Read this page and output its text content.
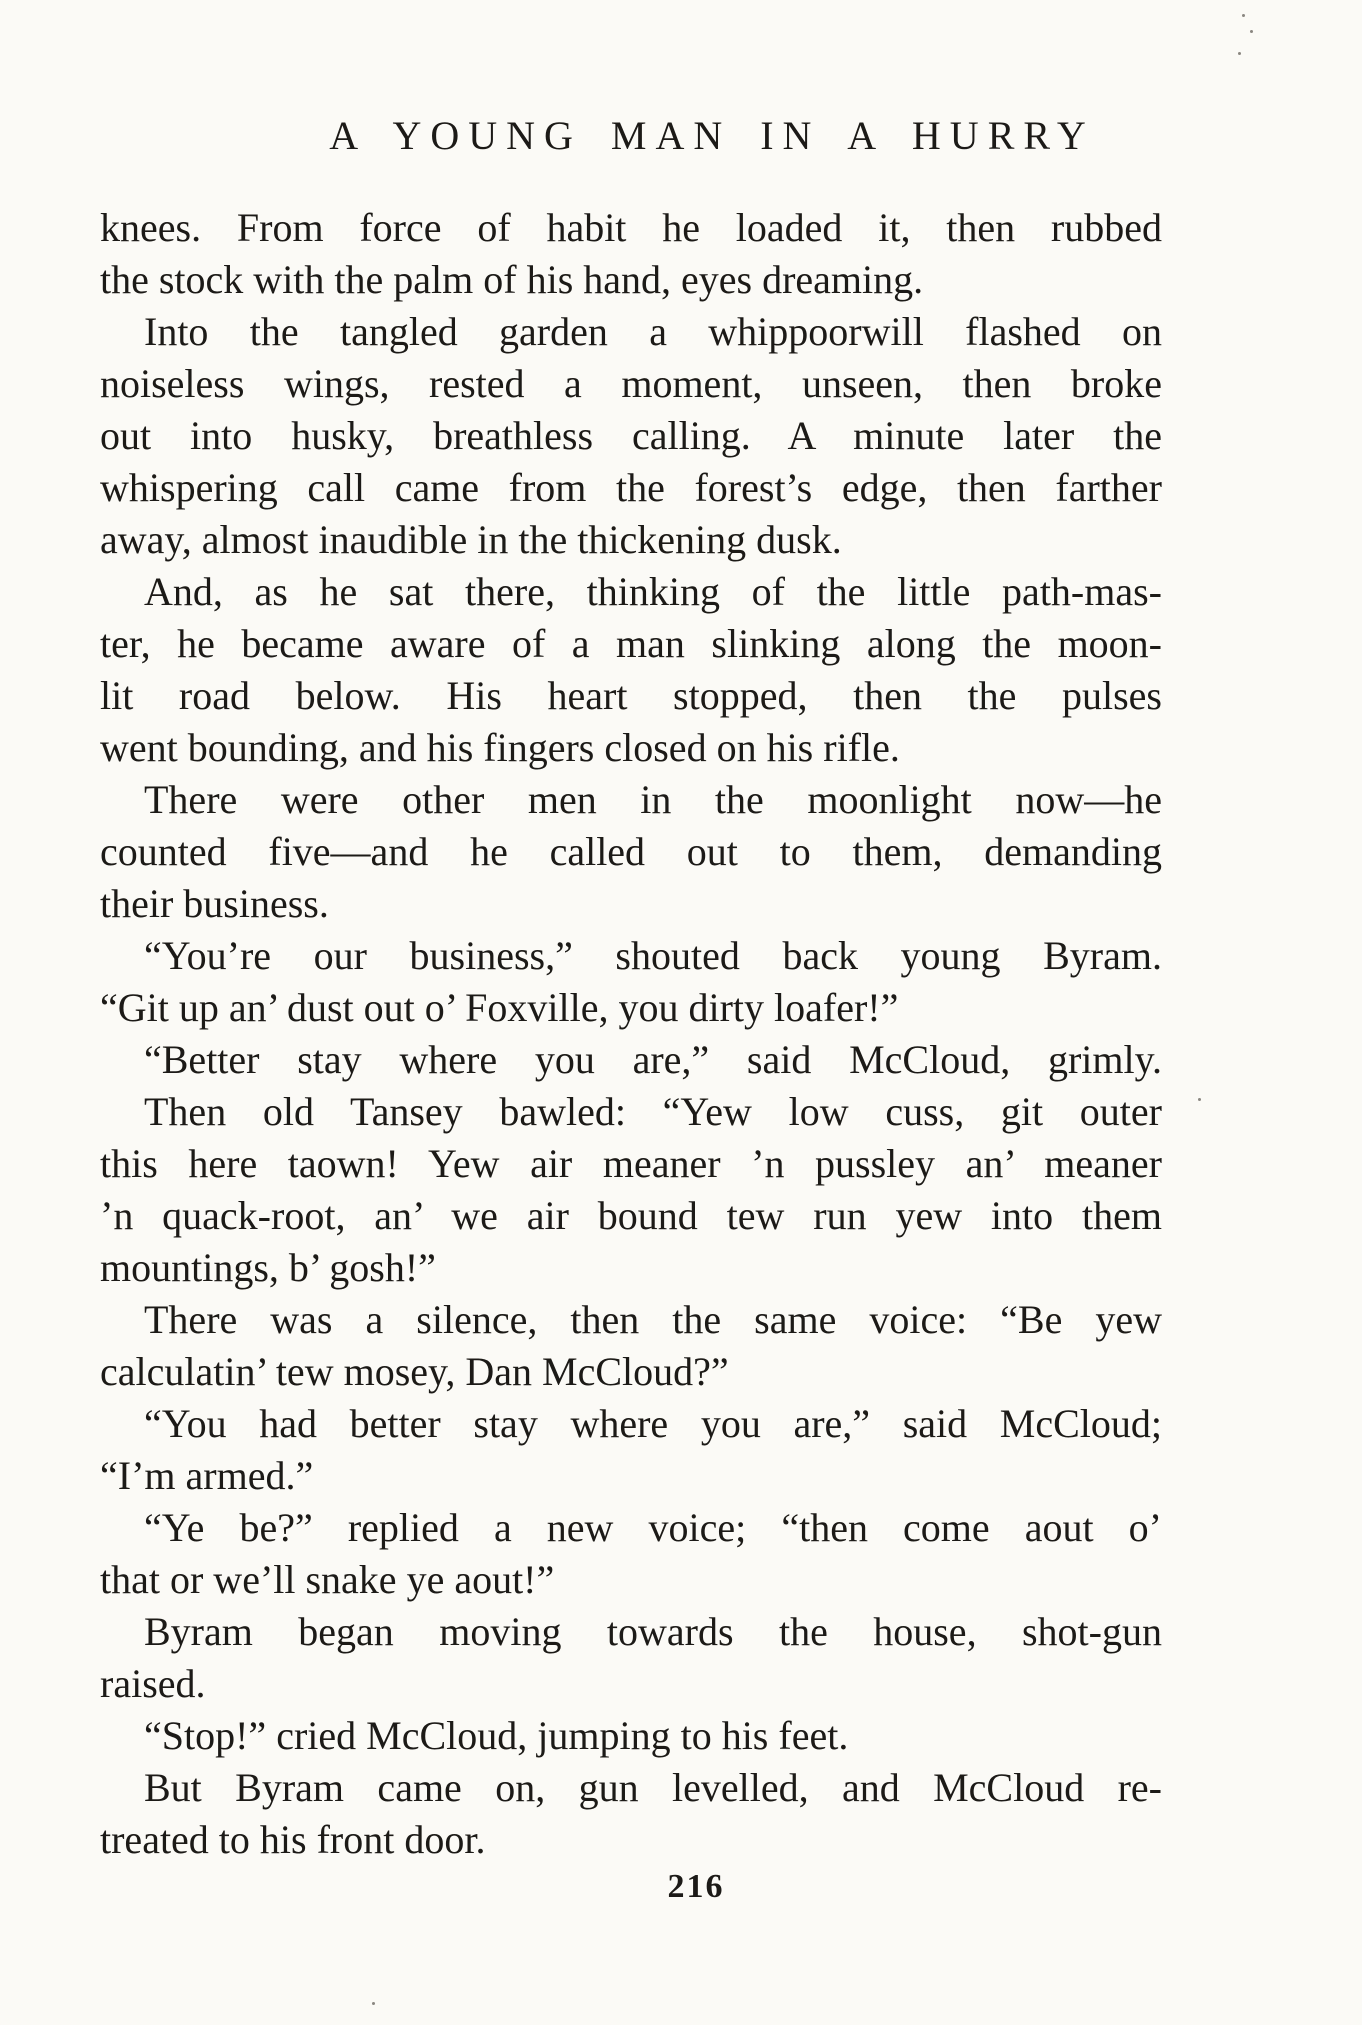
A YOUNG MAN IN A HURRY
knees. From force of habit he loaded it, then rubbed
the stock with the palm of his hand, eyes dreaming.
Into the tangled garden a whippoorwill flashed on
noiseless wings, rested a moment, unseen, then broke
out into husky, breathless calling. A minute later the
whispering call came from the forest’s edge, then farther
away, almost inaudible in the thickening dusk.
And, as he sat there, thinking of the little path-mas-
ter, he became aware of a man slinking along the moon-
lit road below. His heart stopped, then the pulses
went bounding, and his fingers closed on his rifle.
There were other men in the moonlight now—he
counted five—and he called out to them, demanding
their business.
“You’re our business,” shouted back young Byram.
“Git up an’ dust out o’ Foxville, you dirty loafer!”
“Better stay where you are,” said McCloud, grimly.
Then old Tansey bawled: “Yew low cuss, git outer
this here taown! Yew air meaner ’n pussley an’ meaner
’n quack-root, an’ we air bound tew run yew into them
mountings, b’ gosh!”
There was a silence, then the same voice: “Be yew
calculatin’ tew mosey, Dan McCloud?”
“You had better stay where you are,” said McCloud;
“I’m armed.”
“Ye be?” replied a new voice; “then come aout o’
that or we’ll snake ye aout!”
Byram began moving towards the house, shot-gun
raised.
“Stop!” cried McCloud, jumping to his feet.
But Byram came on, gun levelled, and McCloud re-
treated to his front door.
216
